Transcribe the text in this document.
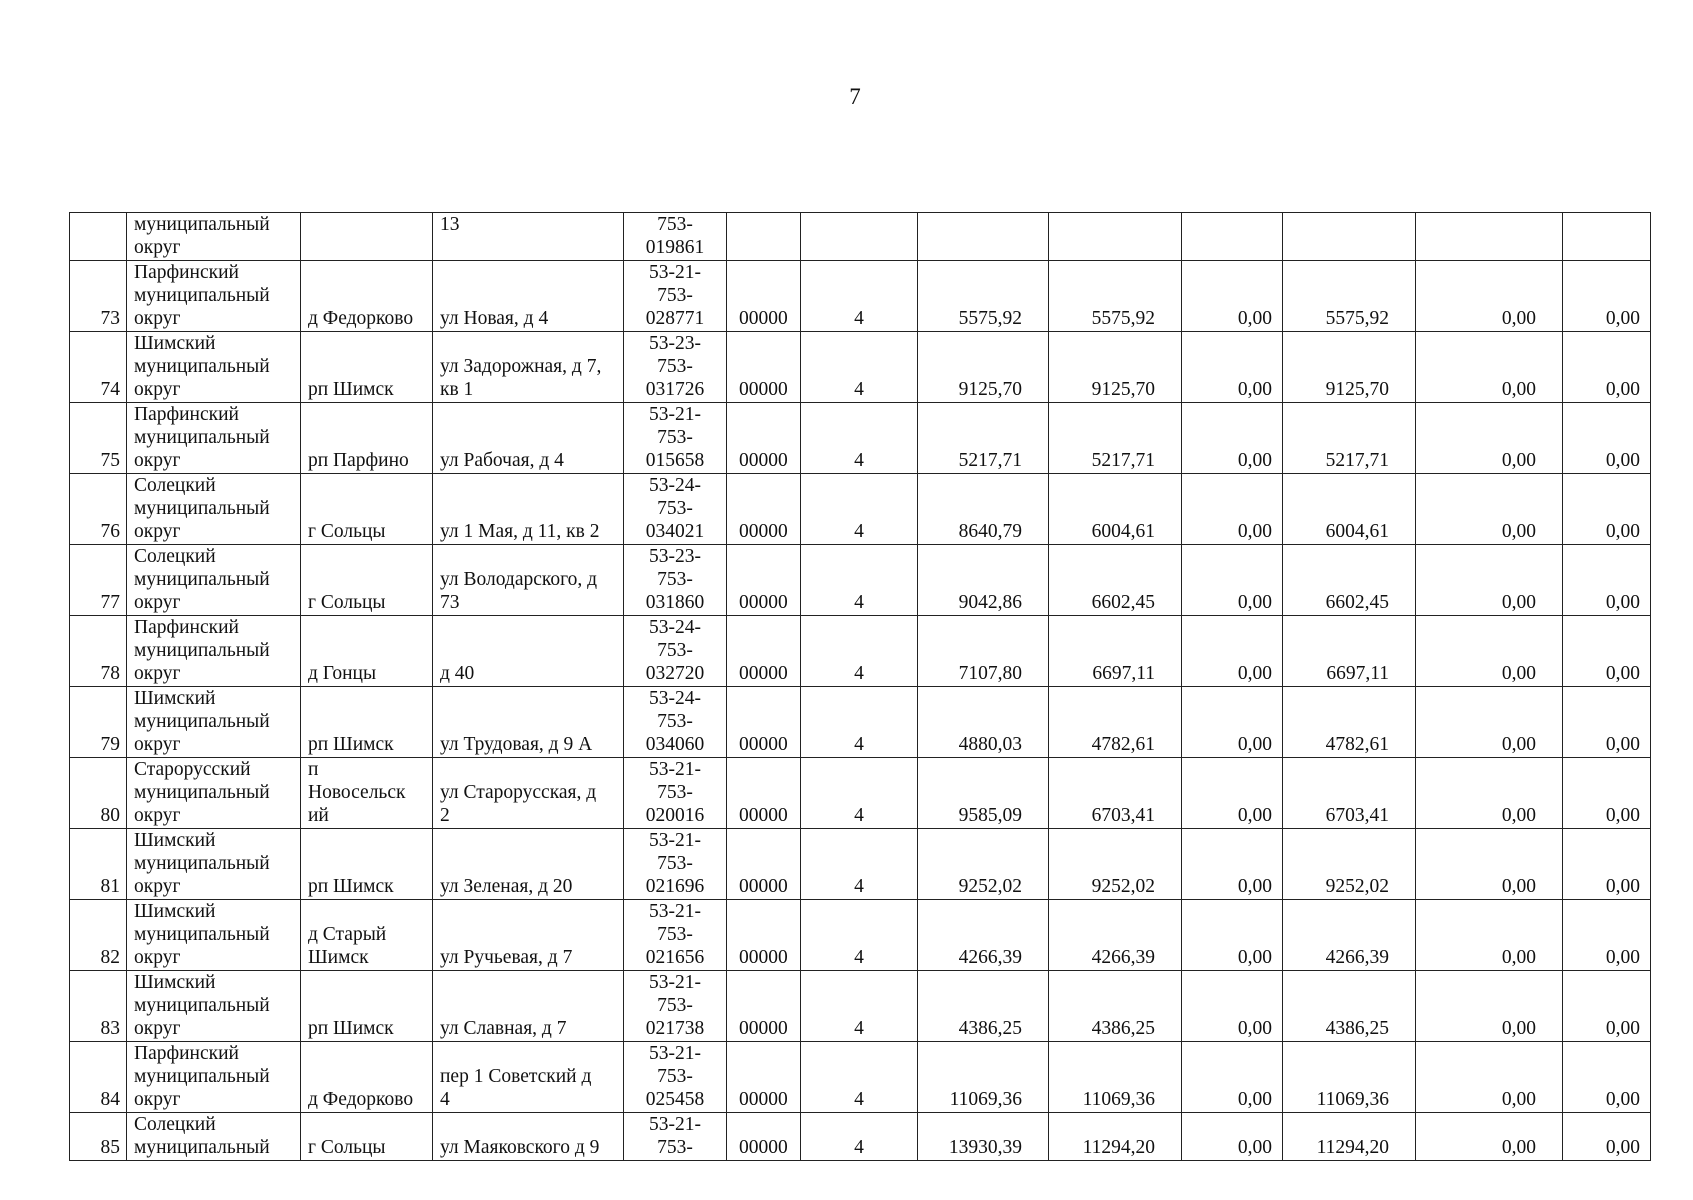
7
	муниципальный
округ		13	753-
019861								
73	Парфинский
муниципальный
округ	д Федорково	ул Новая, д 4	53-21-
753-
028771	00000	4	5575,92	5575,92	0,00	5575,92	0,00	0,00
74	Шимский
муниципальный
округ	рп Шимск	ул Задорожная, д 7,
кв 1	53-23-
753-
031726	00000	4	9125,70	9125,70	0,00	9125,70	0,00	0,00
75	Парфинский
муниципальный
округ	рп Парфино	ул Рабочая, д 4	53-21-
753-
015658	00000	4	5217,71	5217,71	0,00	5217,71	0,00	0,00
76	Солецкий
муниципальный
округ	г Сольцы	ул 1 Мая, д 11, кв 2	53-24-
753-
034021	00000	4	8640,79	6004,61	0,00	6004,61	0,00	0,00
77	Солецкий
муниципальный
округ	г Сольцы	ул Володарского, д
73	53-23-
753-
031860	00000	4	9042,86	6602,45	0,00	6602,45	0,00	0,00
78	Парфинский
муниципальный
округ	д Гонцы	д 40	53-24-
753-
032720	00000	4	7107,80	6697,11	0,00	6697,11	0,00	0,00
79	Шимский
муниципальный
округ	рп Шимск	ул Трудовая, д 9 А	53-24-
753-
034060	00000	4	4880,03	4782,61	0,00	4782,61	0,00	0,00
80	Старорусский
муниципальный
округ	п
Новосельск
ий	ул Старорусская, д
2	53-21-
753-
020016	00000	4	9585,09	6703,41	0,00	6703,41	0,00	0,00
81	Шимский
муниципальный
округ	рп Шимск	ул Зеленая, д 20	53-21-
753-
021696	00000	4	9252,02	9252,02	0,00	9252,02	0,00	0,00
82	Шимский
муниципальный
округ	д Старый
Шимск	ул Ручьевая, д 7	53-21-
753-
021656	00000	4	4266,39	4266,39	0,00	4266,39	0,00	0,00
83	Шимский
муниципальный
округ	рп Шимск	ул Славная, д 7	53-21-
753-
021738	00000	4	4386,25	4386,25	0,00	4386,25	0,00	0,00
84	Парфинский
муниципальный
округ	д Федорково	пер 1 Советский д
4	53-21-
753-
025458	00000	4	11069,36	11069,36	0,00	11069,36	0,00	0,00
85	Солецкий
муниципальный	г Сольцы	ул Маяковского д 9	53-21-
753-	00000	4	13930,39	11294,20	0,00	11294,20	0,00	0,00
